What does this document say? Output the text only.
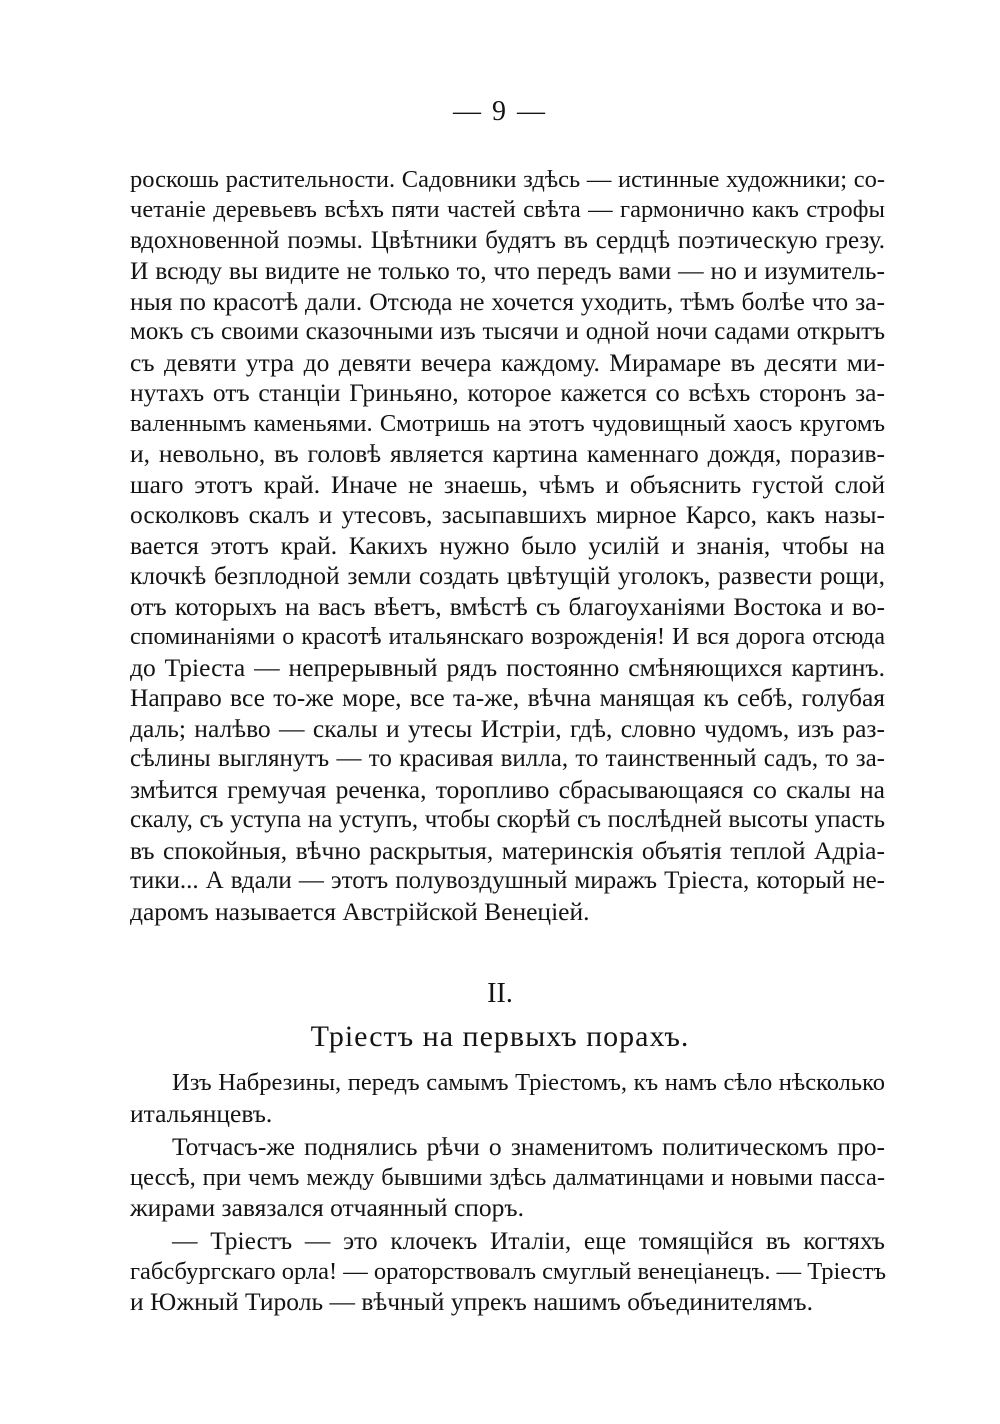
— 9 —
роскошь растительности. Садовники здѣсь — истинные художники; со-
четаніе деревьевъ всѣхъ пяти частей свѣта — гармонично какъ строфы
вдохновенной поэмы. Цвѣтники будятъ въ сердцѣ поэтическую грезу.
И всюду вы видите не только то, что передъ вами — но и изумитель-
ныя по красотѣ дали. Отсюда не хочется уходить, тѣмъ болѣе что за-
мокъ съ своими сказочными изъ тысячи и одной ночи садами открытъ
съ девяти утра до девяти вечера каждому. Мирамаре въ десяти ми-
нутахъ отъ станціи Гриньяно, которое кажется со всѣхъ сторонъ за-
валеннымъ каменьями. Смотришь на этотъ чудовищный хаосъ кругомъ
и, невольно, въ головѣ является картина каменнаго дождя, поразив-
шаго этотъ край. Иначе не знаешь, чѣмъ и объяснить густой слой
осколковъ скалъ и утесовъ, засыпавшихъ мирное Карсо, какъ назы-
вается этотъ край. Какихъ нужно было усилій и знанія, чтобы на
клочкѣ безплодной земли создать цвѣтущій уголокъ, развести рощи,
отъ которыхъ на васъ вѣетъ, вмѣстѣ съ благоуханіями Востока и во-
споминаніями о красотѣ итальянскаго возрожденія! И вся дорога отсюда
до Тріеста — непрерывный рядъ постоянно смѣняющихся картинъ.
Направо все то-же море, все та-же, вѣчна манящая къ себѣ, голубая
даль; налѣво — скалы и утесы Истріи, гдѣ, словно чудомъ, изъ раз-
сѣлины выглянутъ — то красивая вилла, то таинственный садъ, то за-
змѣится гремучая реченка, торопливо сбрасывающаяся со скалы на
скалу, съ уступа на уступъ, чтобы скорѣй съ послѣдней высоты упасть
въ спокойныя, вѣчно раскрытыя, материнскія объятія теплой Адріа-
тики... А вдали — этотъ полувоздушный миражъ Тріеста, который не-
даромъ называется Австрійской Венеціей.
II.
Тріестъ на первыхъ порахъ.
Изъ Набрезины, передъ самымъ Тріестомъ, къ намъ сѣло нѣсколько
итальянцевъ.
Тотчасъ-же поднялись рѣчи о знаменитомъ политическомъ про-
цессѣ, при чемъ между бывшими здѣсь далматинцами и новыми пасса-
жирами завязался отчаянный споръ.
— Тріестъ — это клочекъ Италіи, еще томящійся въ когтяхъ
габсбургскаго орла! — ораторствовалъ смуглый венеціанецъ. — Тріестъ
и Южный Тироль — вѣчный упрекъ нашимъ объединителямъ.
